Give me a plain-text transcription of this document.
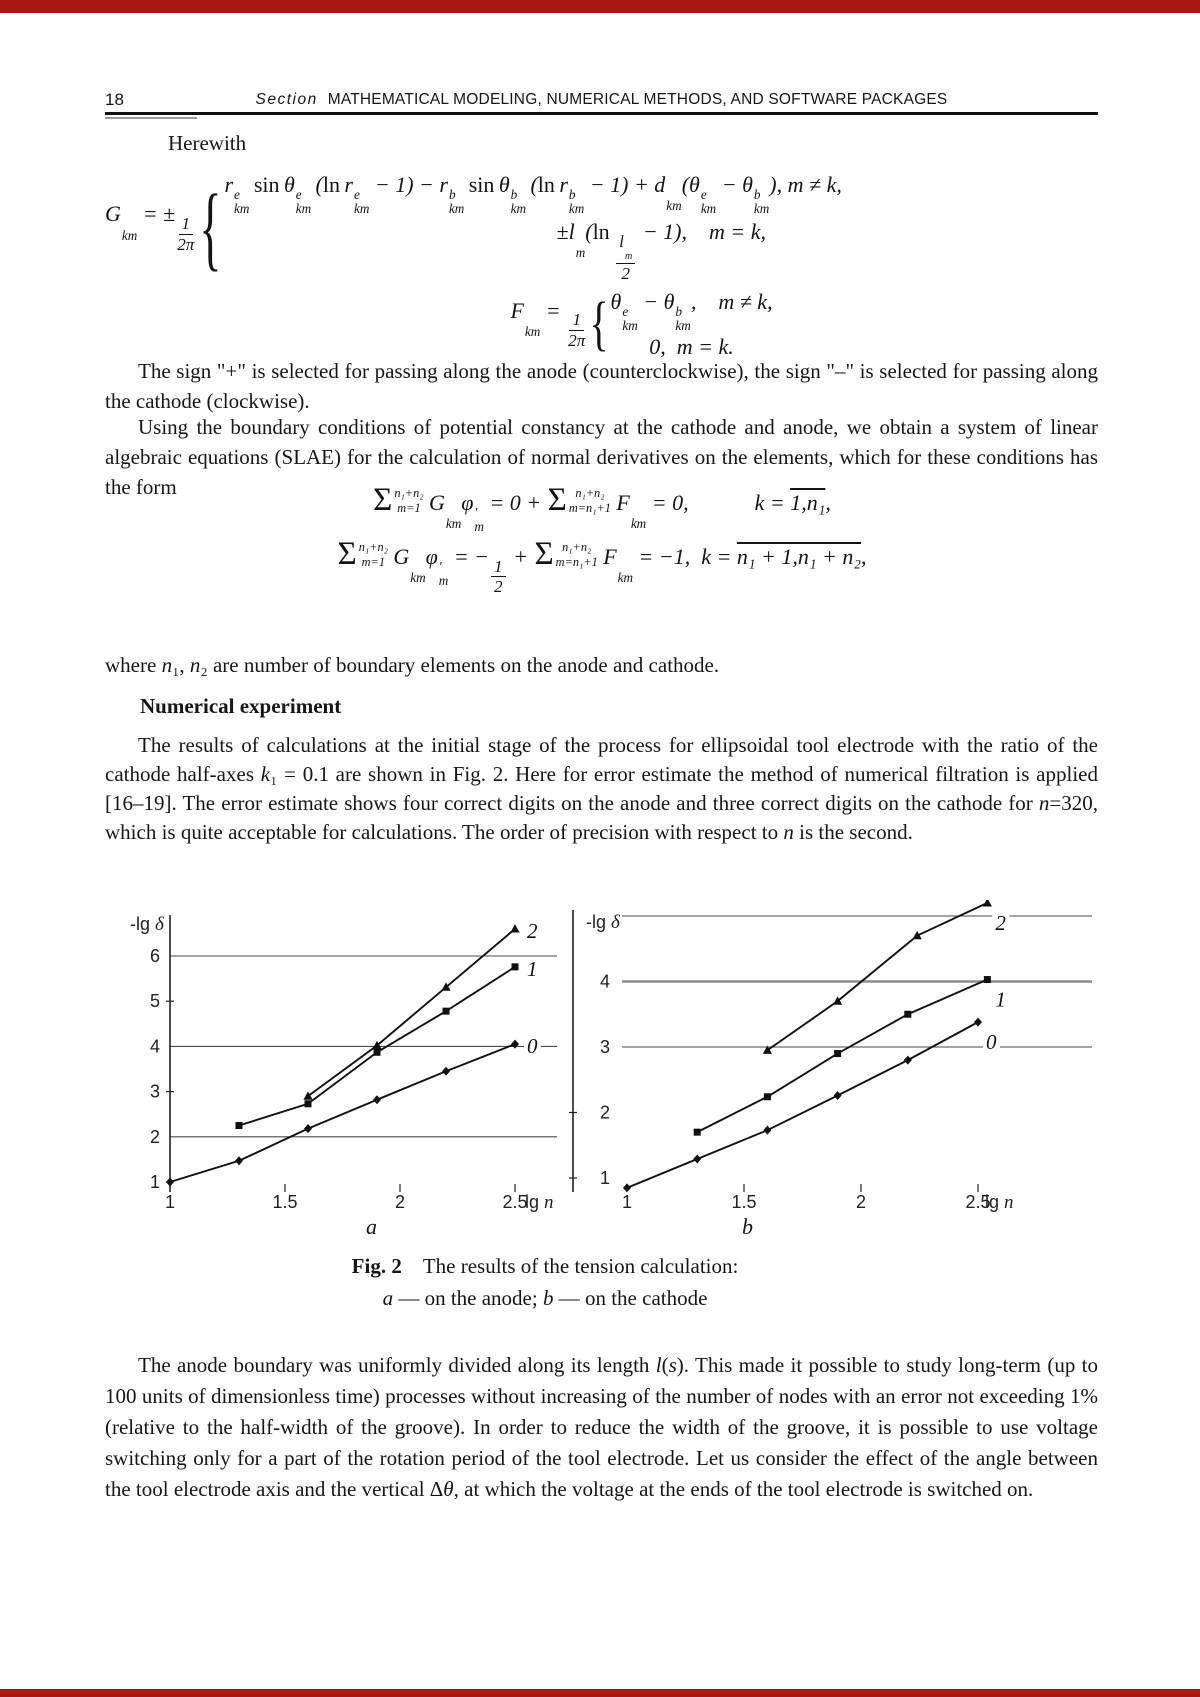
18	Section MATHEMATICAL MODELING, NUMERICAL METHODS, AND SOFTWARE PACKAGES
Herewith
G
km
= ±
$\frac{1}{2\pi}$ { r e
km
 sin  θ e
km
 (ln  r e
km
− 1) − r b
km
 sin  θ b
km
 (ln  r b
km
− 1) + d
km
(θ e
km
− θ b
km
), m ≠ k,
±l
m
(ln 
l
m
2
− 1), m = k,
F
km
=
$\frac{1}{2\pi}$ { θ e
km
− θ b
km
, m ≠ k,
0, m = k.
The sign "+" is selected for passing along the anode (counterclockwise), the sign "–" is selected for passing along the cathode (clockwise).
Using the boundary conditions of potential constancy at the cathode and anode, we obtain a system of linear algebraic equations (SLAE) for the calculation of normal derivatives on the elements, which for these conditions has the form	Σ n₁+n₂
m=1
  G
km
φ ′
m
= 0 + Σ n₁+n₂
m=n₁+1
  F
km
= 0,   k = 1,n₁,
Σ n₁+n₂
m=1
  G
km
φ ′
m
= −
$\frac{1}{2}$
+ Σ n₁+n₂
m=n₁+1
  F
km
= −1, k = n₁ + 1,n₁ + n₂,
where n₁, n₂ are number of boundary elements on the anode and cathode.
Numerical experiment
The results of calculations at the initial stage of the process for ellipsoidal tool electrode with the ratio of the cathode half-axes k₁ = 0.1 are shown in Fig. 2. Here for error estimate the method of numerical filtration is applied [16–19]. The error estimate shows four correct digits on the anode and three correct digits on the cathode for n=320, which is quite acceptable for calculations. The order of precision with respect to n is the second.
1
2
3
4
5
6
1	1.5	2	2.5
lg n
-lg δ
0
1
2
1
2
3
4
1	1.5	2	2.5
lg n
-lg δ
0
1
2
a	b
Fig. 2 The results of the tension calculation:
a — on the anode; b — on the cathode
The anode boundary was uniformly divided along its length l(s). This made it possible to study long-term (up to 100 units of dimensionless time) processes without increasing of the number of nodes with an error not exceeding 1% (relative to the half-width of the groove). In order to reduce the width of the groove, it is possible to use voltage switching only for a part of the rotation period of the tool electrode. Let us consider the effect of the angle between the tool electrode axis and the vertical Δθ, at which the voltage at the ends of the tool electrode is switched on.
